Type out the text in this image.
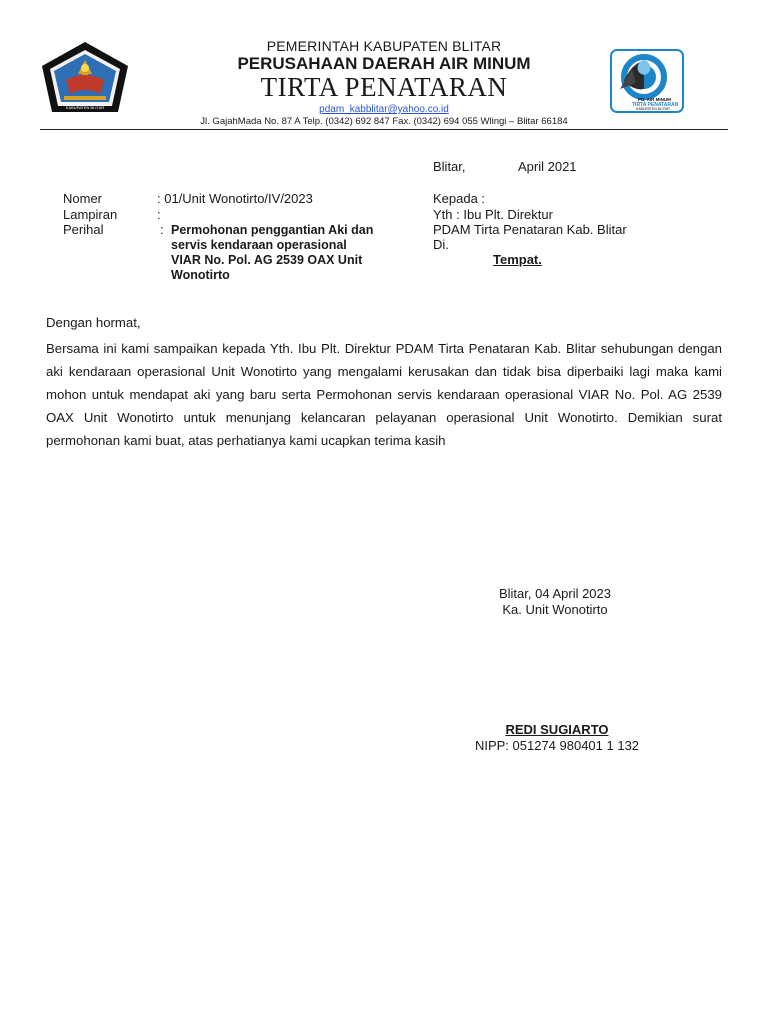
KABUPATEN BLITAR
PD. AIR MINUM
TIRTA PENATARAN
KABUPATEN BLITAR
PEMERINTAH KABUPATEN BLITAR
PERUSAHAAN DAERAH AIR MINUM
TIRTA PENATARAN
pdam_kabblitar@yahoo.co.id
Jl. GajahMada No. 87 A Telp. (0342) 692 847 Fax. (0342) 694 055 Wlingi – Blitar 66184
Blitar,	April 2021
Nomer	: 01/Unit Wonotirto/IV/2023
Lampiran	:
Perihal	: Permohonan penggantian Aki dan
servis kendaraan operasional
VIAR No. Pol. AG 2539 OAX Unit
Wonotirto
Kepada :
Yth : Ibu Plt. Direktur
PDAM Tirta Penataran Kab. Blitar
Di.
Tempat.
Dengan hormat,

Bersama ini kami sampaikan kepada Yth. Ibu Plt. Direktur PDAM Tirta Penataran Kab. Blitar sehubungan dengan aki kendaraan operasional Unit Wonotirto yang mengalami kerusakan dan tidak bisa diperbaiki lagi maka kami mohon untuk mendapat aki yang baru serta Permohonan servis kendaraan operasional VIAR No. Pol. AG 2539 OAX Unit Wonotirto untuk menunjang kelancaran pelayanan operasional Unit Wonotirto. Demikian surat permohonan kami buat, atas perhatianya kami ucapkan terima kasih

Blitar, 04 April 2023
Ka. Unit Wonotirto
REDI SUGIARTO
NIPP: 051274 980401 1 132
